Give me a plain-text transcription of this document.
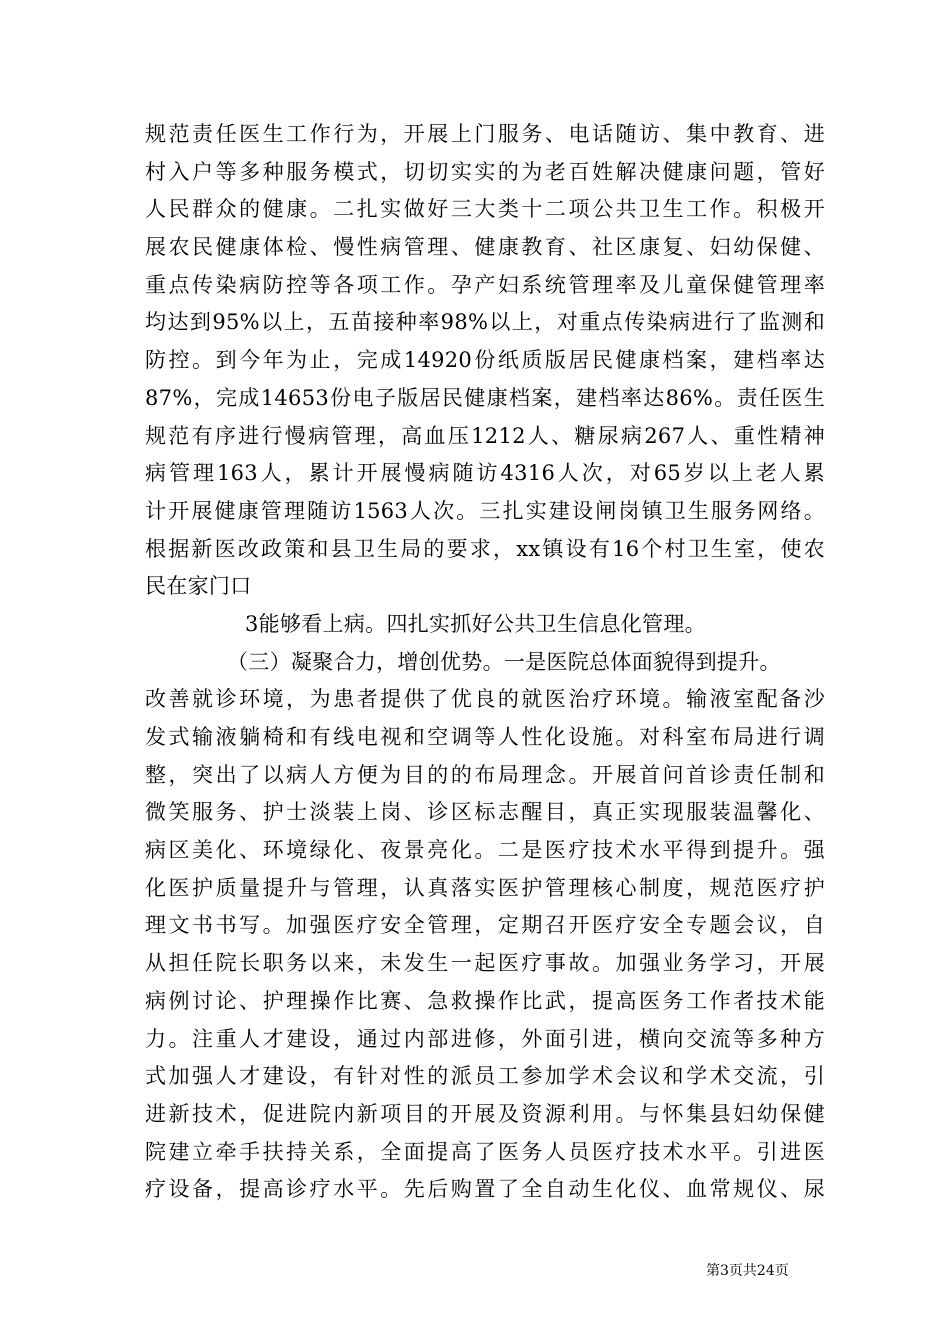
规范责任医生工作行为，开展上门服务、电话随访、集中教育、进
村入户等多种服务模式，切切实实的为老百姓解决健康问题，管好
人民群众的健康。二扎实做好三大类十二项公共卫生工作。积极开
展农民健康体检、慢性病管理、健康教育、社区康复、妇幼保健、
重点传染病防控等各项工作。孕产妇系统管理率及儿童保健管理率
均达到95%以上，五苗接种率98%以上，对重点传染病进行了监测和
防控。到今年为止，完成14920份纸质版居民健康档案，建档率达
87%，完成14653份电子版居民健康档案，建档率达86%。责任医生
规范有序进行慢病管理，高血压1212人、糖尿病267人、重性精神
病管理163人，累计开展慢病随访4316人次，对65岁以上老人累
计开展健康管理随访1563人次。三扎实建设闸岗镇卫生服务网络。
根据新医改政策和县卫生局的要求，xx镇设有16个村卫生室，使农
民在家门口
3能够看上病。四扎实抓好公共卫生信息化管理。
（三）凝聚合力，增创优势。一是医院总体面貌得到提升。
改善就诊环境，为患者提供了优良的就医治疗环境。输液室配备沙
发式输液躺椅和有线电视和空调等人性化设施。对科室布局进行调
整，突出了以病人方便为目的的布局理念。开展首问首诊责任制和
微笑服务、护士淡装上岗、诊区标志醒目，真正实现服装温馨化、
病区美化、环境绿化、夜景亮化。二是医疗技术水平得到提升。强
化医护质量提升与管理，认真落实医护管理核心制度，规范医疗护
理文书书写。加强医疗安全管理，定期召开医疗安全专题会议，自
从担任院长职务以来，未发生一起医疗事故。加强业务学习，开展
病例讨论、护理操作比赛、急救操作比武，提高医务工作者技术能
力。注重人才建设，通过内部进修，外面引进，横向交流等多种方
式加强人才建设，有针对性的派员工参加学术会议和学术交流，引
进新技术，促进院内新项目的开展及资源利用。与怀集县妇幼保健
院建立牵手扶持关系，全面提高了医务人员医疗技术水平。引进医
疗设备，提高诊疗水平。先后购置了全自动生化仪、血常规仪、尿
第3页共24页
